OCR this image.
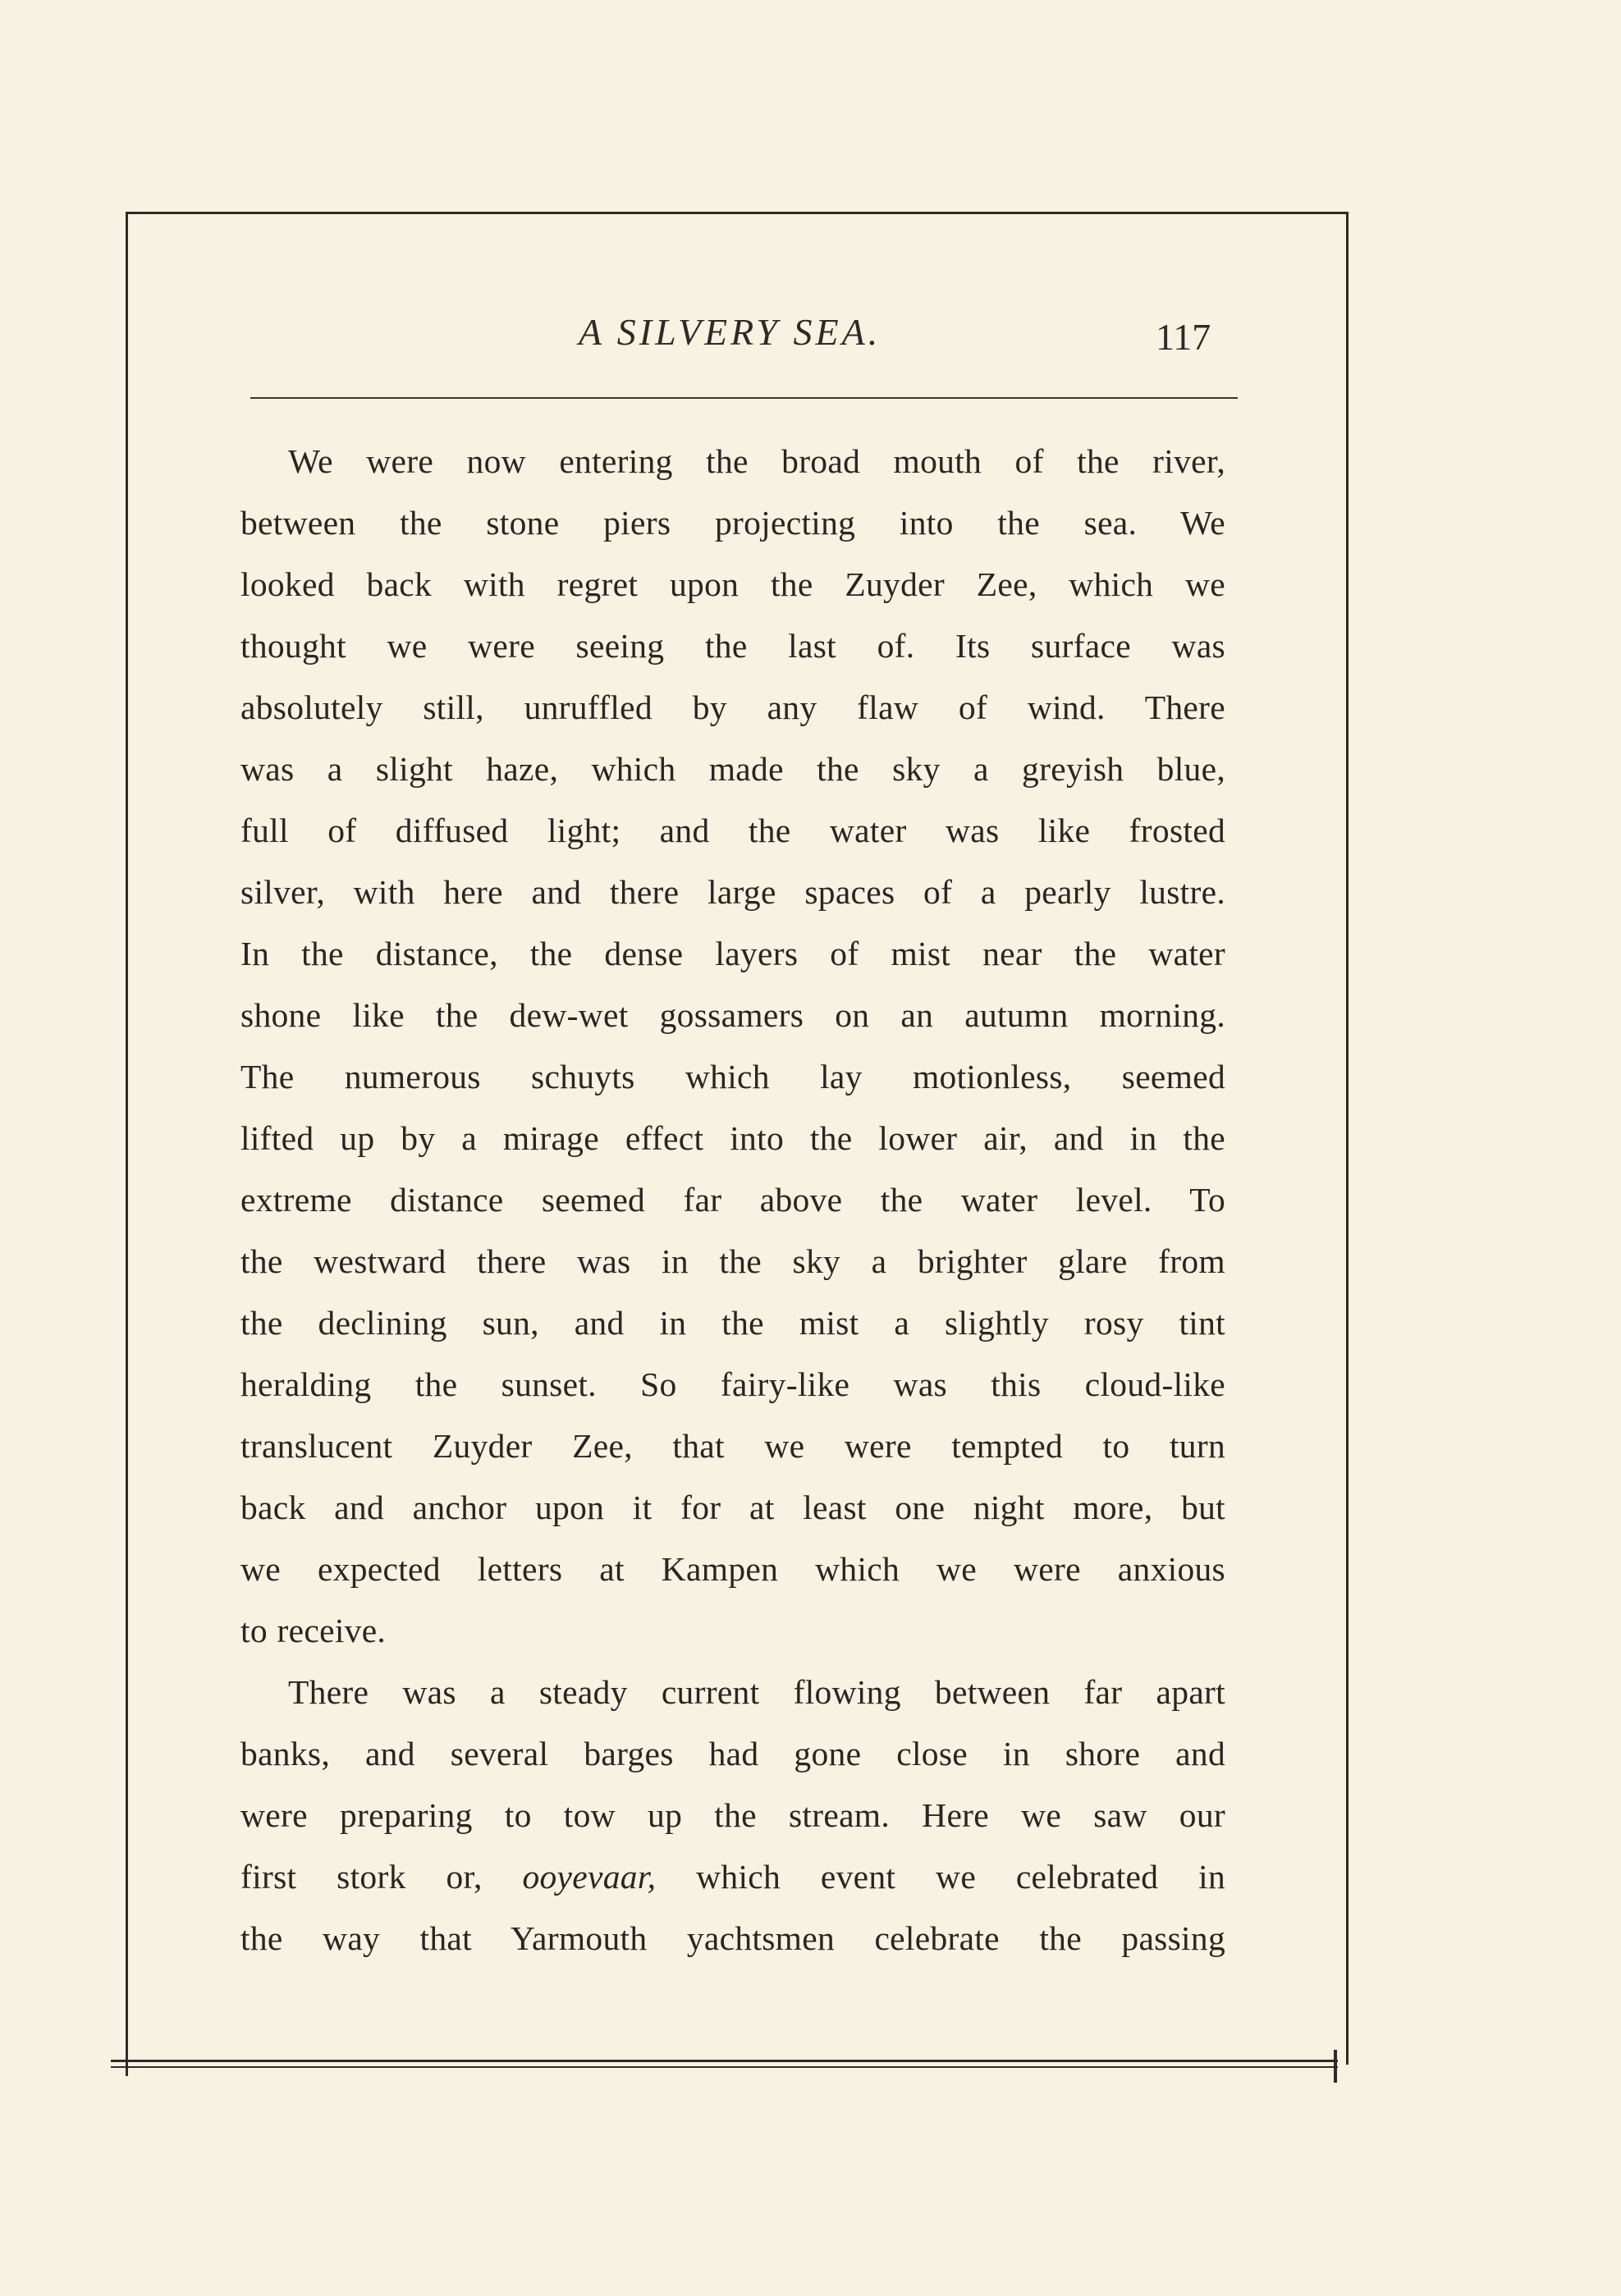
A SILVERY SEA.	117
We were now entering the broad mouth of the river,
between the stone piers projecting into the sea. We
looked back with regret upon the Zuyder Zee, which we
thought we were seeing the last of. Its surface was
absolutely still, unruffled by any flaw of wind. There
was a slight haze, which made the sky a greyish blue,
full of diffused light; and the water was like frosted
silver, with here and there large spaces of a pearly lustre.
In the distance, the dense layers of mist near the water
shone like the dew-wet gossamers on an autumn morning.
The numerous schuyts which lay motionless, seemed
lifted up by a mirage effect into the lower air, and in the
extreme distance seemed far above the water level. To
the westward there was in the sky a brighter glare from
the declining sun, and in the mist a slightly rosy tint
heralding the sunset. So fairy-like was this cloud-like
translucent Zuyder Zee, that we were tempted to turn
back and anchor upon it for at least one night more, but
we expected letters at Kampen which we were anxious
to receive.
There was a steady current flowing between far apart
banks, and several barges had gone close in shore and
were preparing to tow up the stream. Here we saw our
first stork or, ooyevaar, which event we celebrated in
the way that Yarmouth yachtsmen celebrate the passing
